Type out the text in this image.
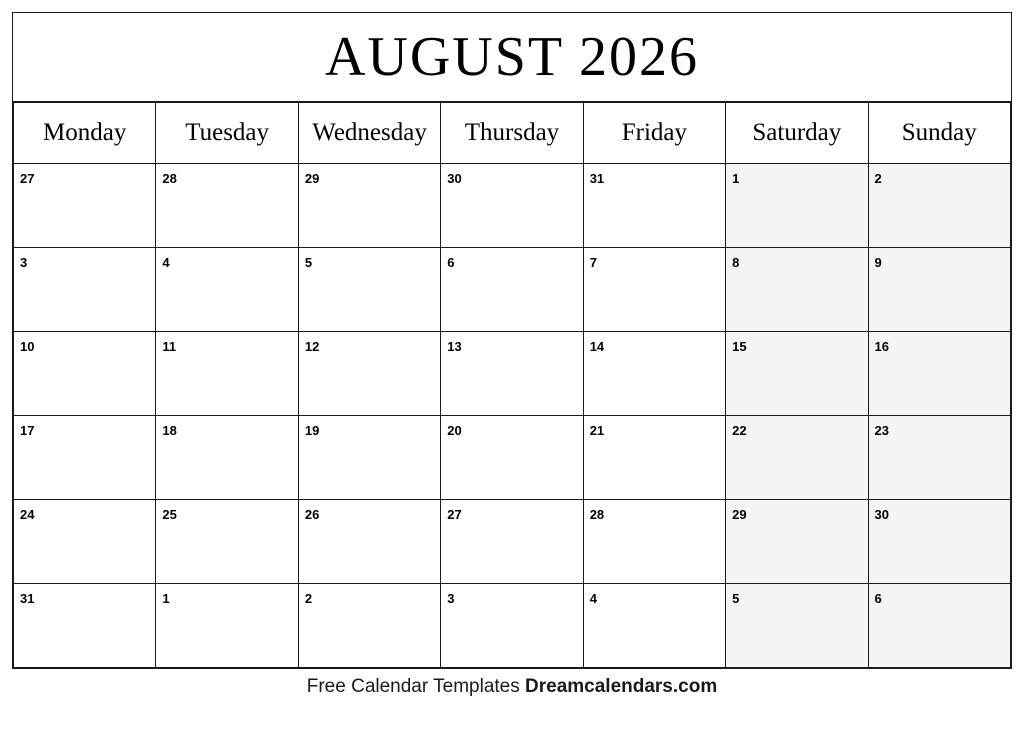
AUGUST 2026
Monday	Tuesday	Wednesday	Thursday	Friday	Saturday	Sunday

27	28	29	30	31	1	2

3	4	5	6	7	8	9

10	11	12	13	14	15	16

17	18	19	20	21	22	23

24	25	26	27	28	29	30

31	1	2	3	4	5	6
Free Calendar Templates Dreamcalendars.com
